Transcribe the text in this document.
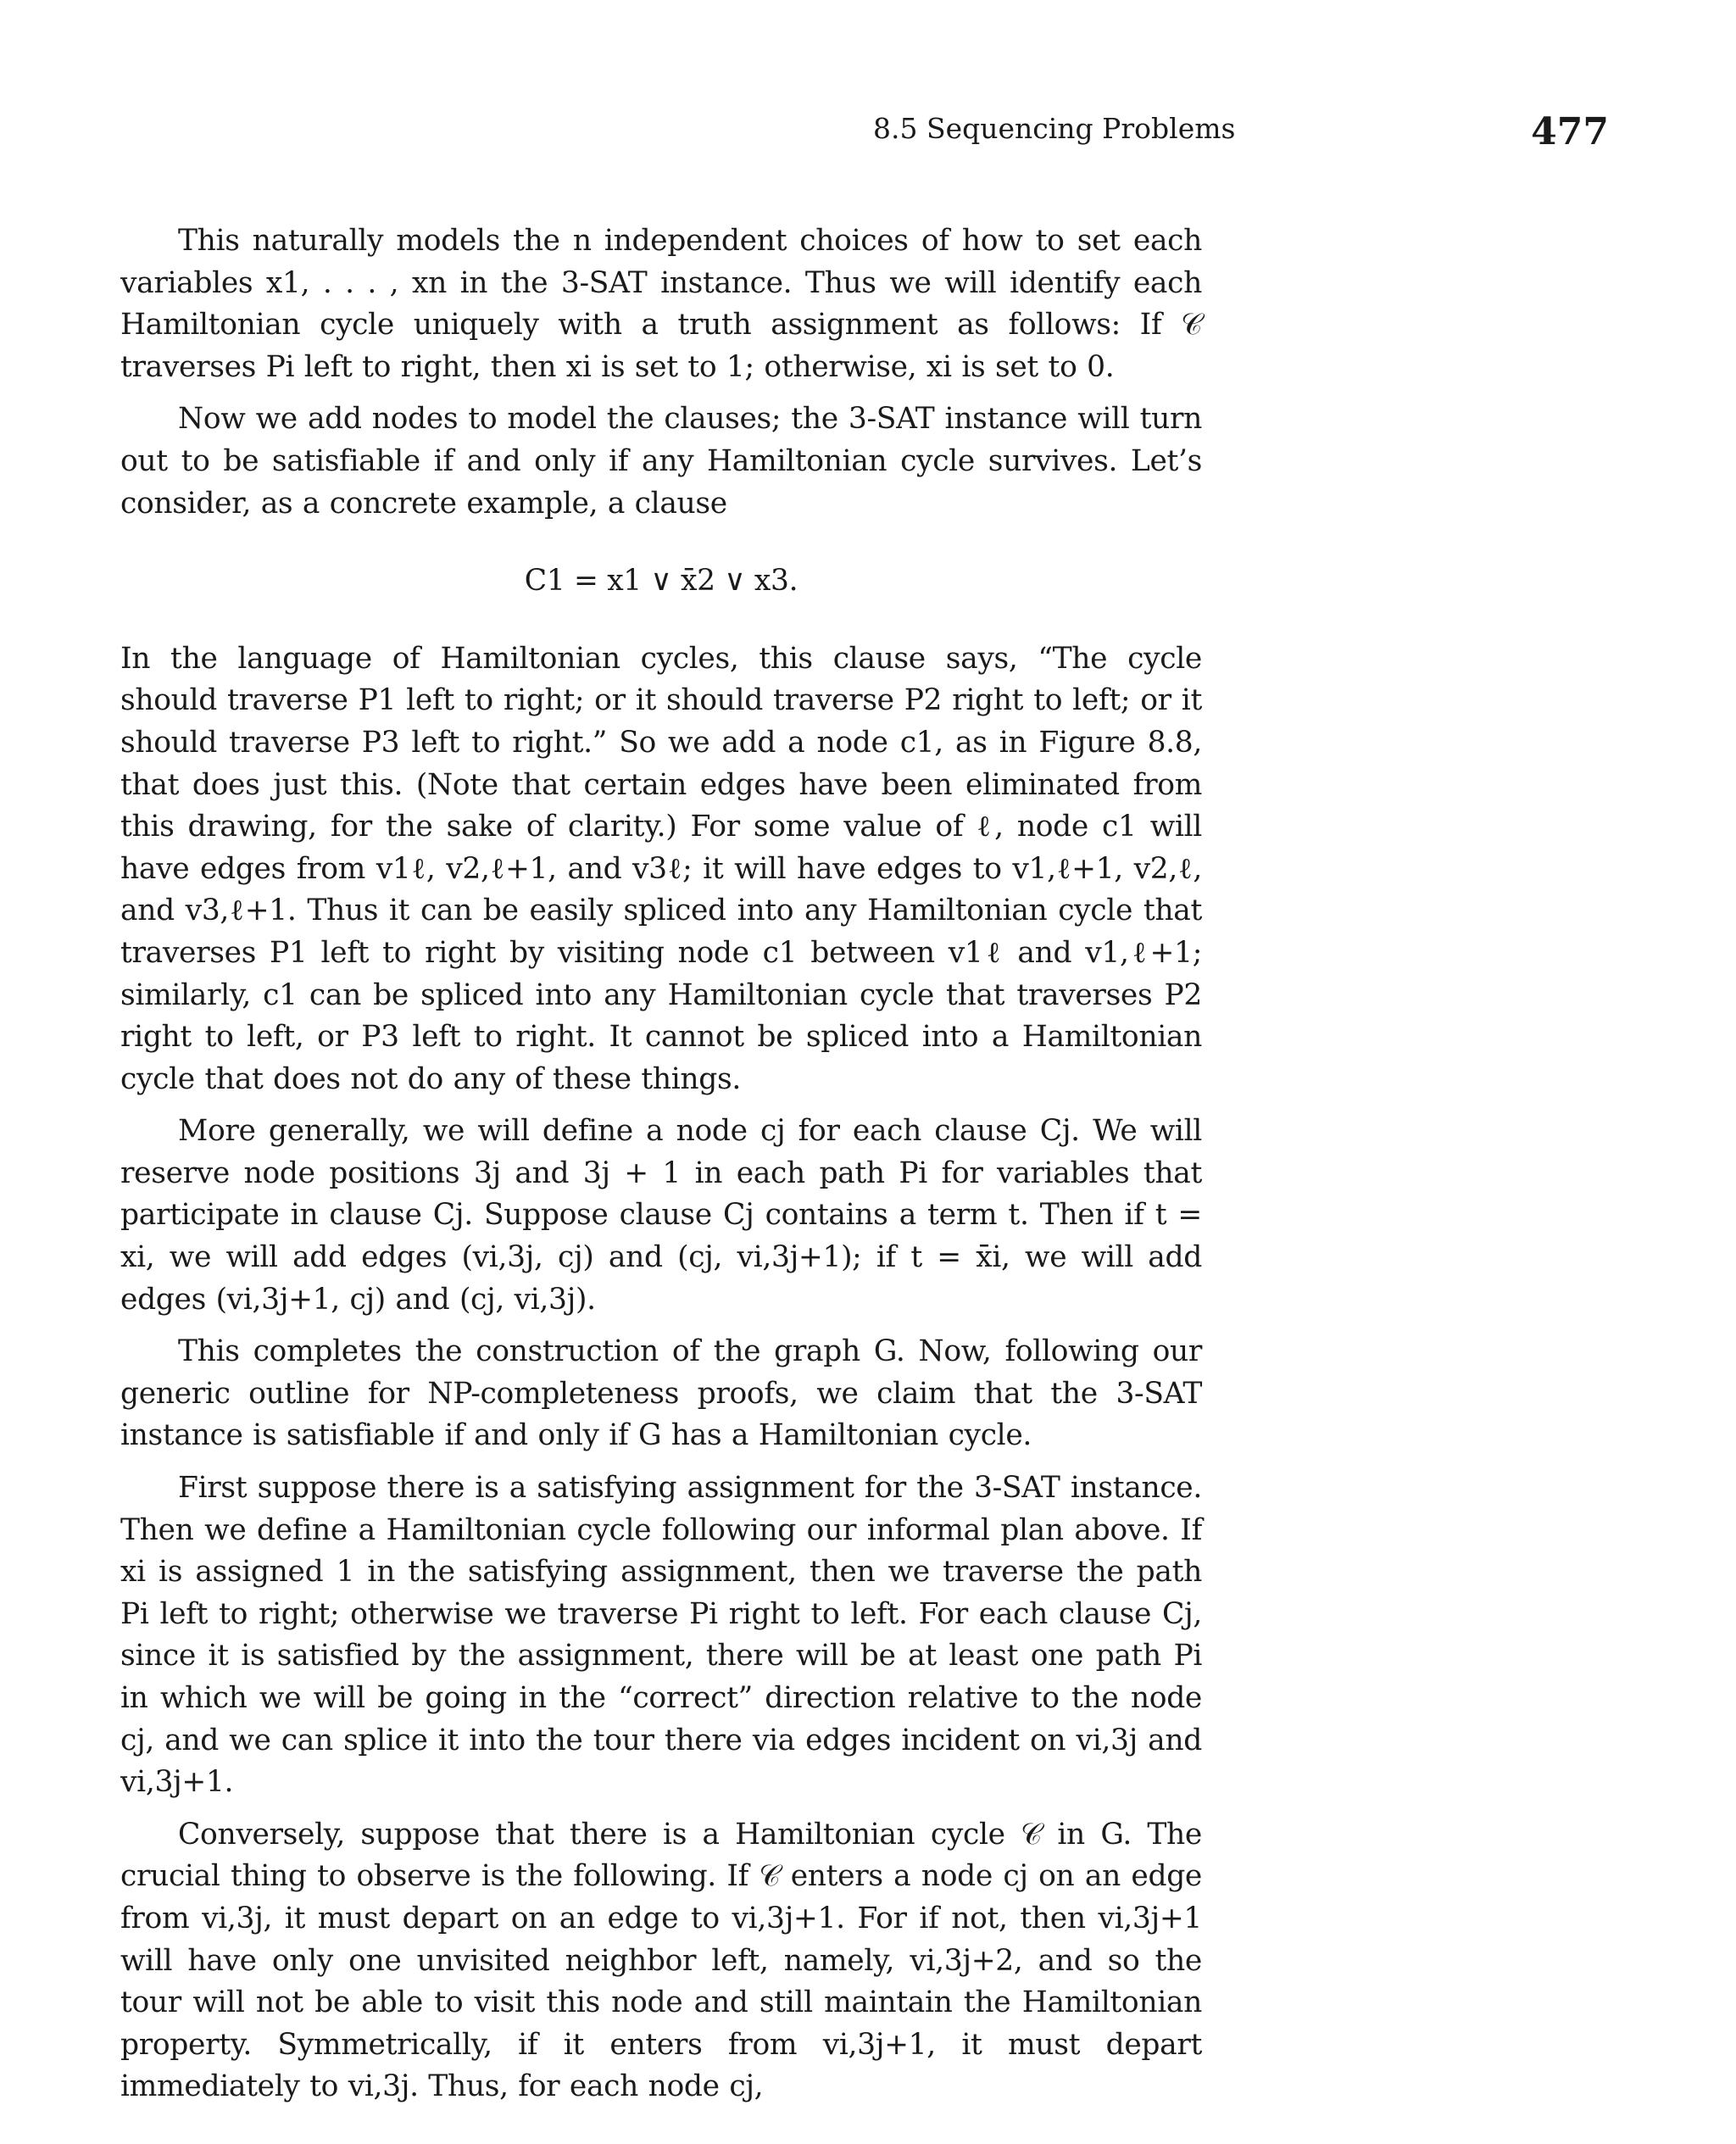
8.5 Sequencing Problems	477

This naturally models the n independent choices of how to set each variables x1, . . . , xn in the 3-SAT instance. Thus we will identify each Hamiltonian cycle uniquely with a truth assignment as follows: If 𝒞 traverses Pi left to right, then xi is set to 1; otherwise, xi is set to 0.

Now we add nodes to model the clauses; the 3-SAT instance will turn out to be satisfiable if and only if any Hamiltonian cycle survives. Let’s consider, as a concrete example, a clause

C1 = x1 ∨ x̄2 ∨ x3.

In the language of Hamiltonian cycles, this clause says, “The cycle should traverse P1 left to right; or it should traverse P2 right to left; or it should traverse P3 left to right.” So we add a node c1, as in Figure 8.8, that does just this. (Note that certain edges have been eliminated from this drawing, for the sake of clarity.) For some value of ℓ, node c1 will have edges from v1ℓ, v2,ℓ+1, and v3ℓ; it will have edges to v1,ℓ+1, v2,ℓ, and v3,ℓ+1. Thus it can be easily spliced into any Hamiltonian cycle that traverses P1 left to right by visiting node c1 between v1ℓ and v1,ℓ+1; similarly, c1 can be spliced into any Hamiltonian cycle that traverses P2 right to left, or P3 left to right. It cannot be spliced into a Hamiltonian cycle that does not do any of these things.

More generally, we will define a node cj for each clause Cj. We will reserve node positions 3j and 3j + 1 in each path Pi for variables that participate in clause Cj. Suppose clause Cj contains a term t. Then if t = xi, we will add edges (vi,3j, cj) and (cj, vi,3j+1); if t = x̄i, we will add edges (vi,3j+1, cj) and (cj, vi,3j).

This completes the construction of the graph G. Now, following our generic outline for NP-completeness proofs, we claim that the 3-SAT instance is satisfiable if and only if G has a Hamiltonian cycle.

First suppose there is a satisfying assignment for the 3-SAT instance. Then we define a Hamiltonian cycle following our informal plan above. If xi is assigned 1 in the satisfying assignment, then we traverse the path Pi left to right; otherwise we traverse Pi right to left. For each clause Cj, since it is satisfied by the assignment, there will be at least one path Pi in which we will be going in the “correct” direction relative to the node cj, and we can splice it into the tour there via edges incident on vi,3j and vi,3j+1.

Conversely, suppose that there is a Hamiltonian cycle 𝒞 in G. The crucial thing to observe is the following. If 𝒞 enters a node cj on an edge from vi,3j, it must depart on an edge to vi,3j+1. For if not, then vi,3j+1 will have only one unvisited neighbor left, namely, vi,3j+2, and so the tour will not be able to visit this node and still maintain the Hamiltonian property. Symmetrically, if it enters from vi,3j+1, it must depart immediately to vi,3j. Thus, for each node cj,
